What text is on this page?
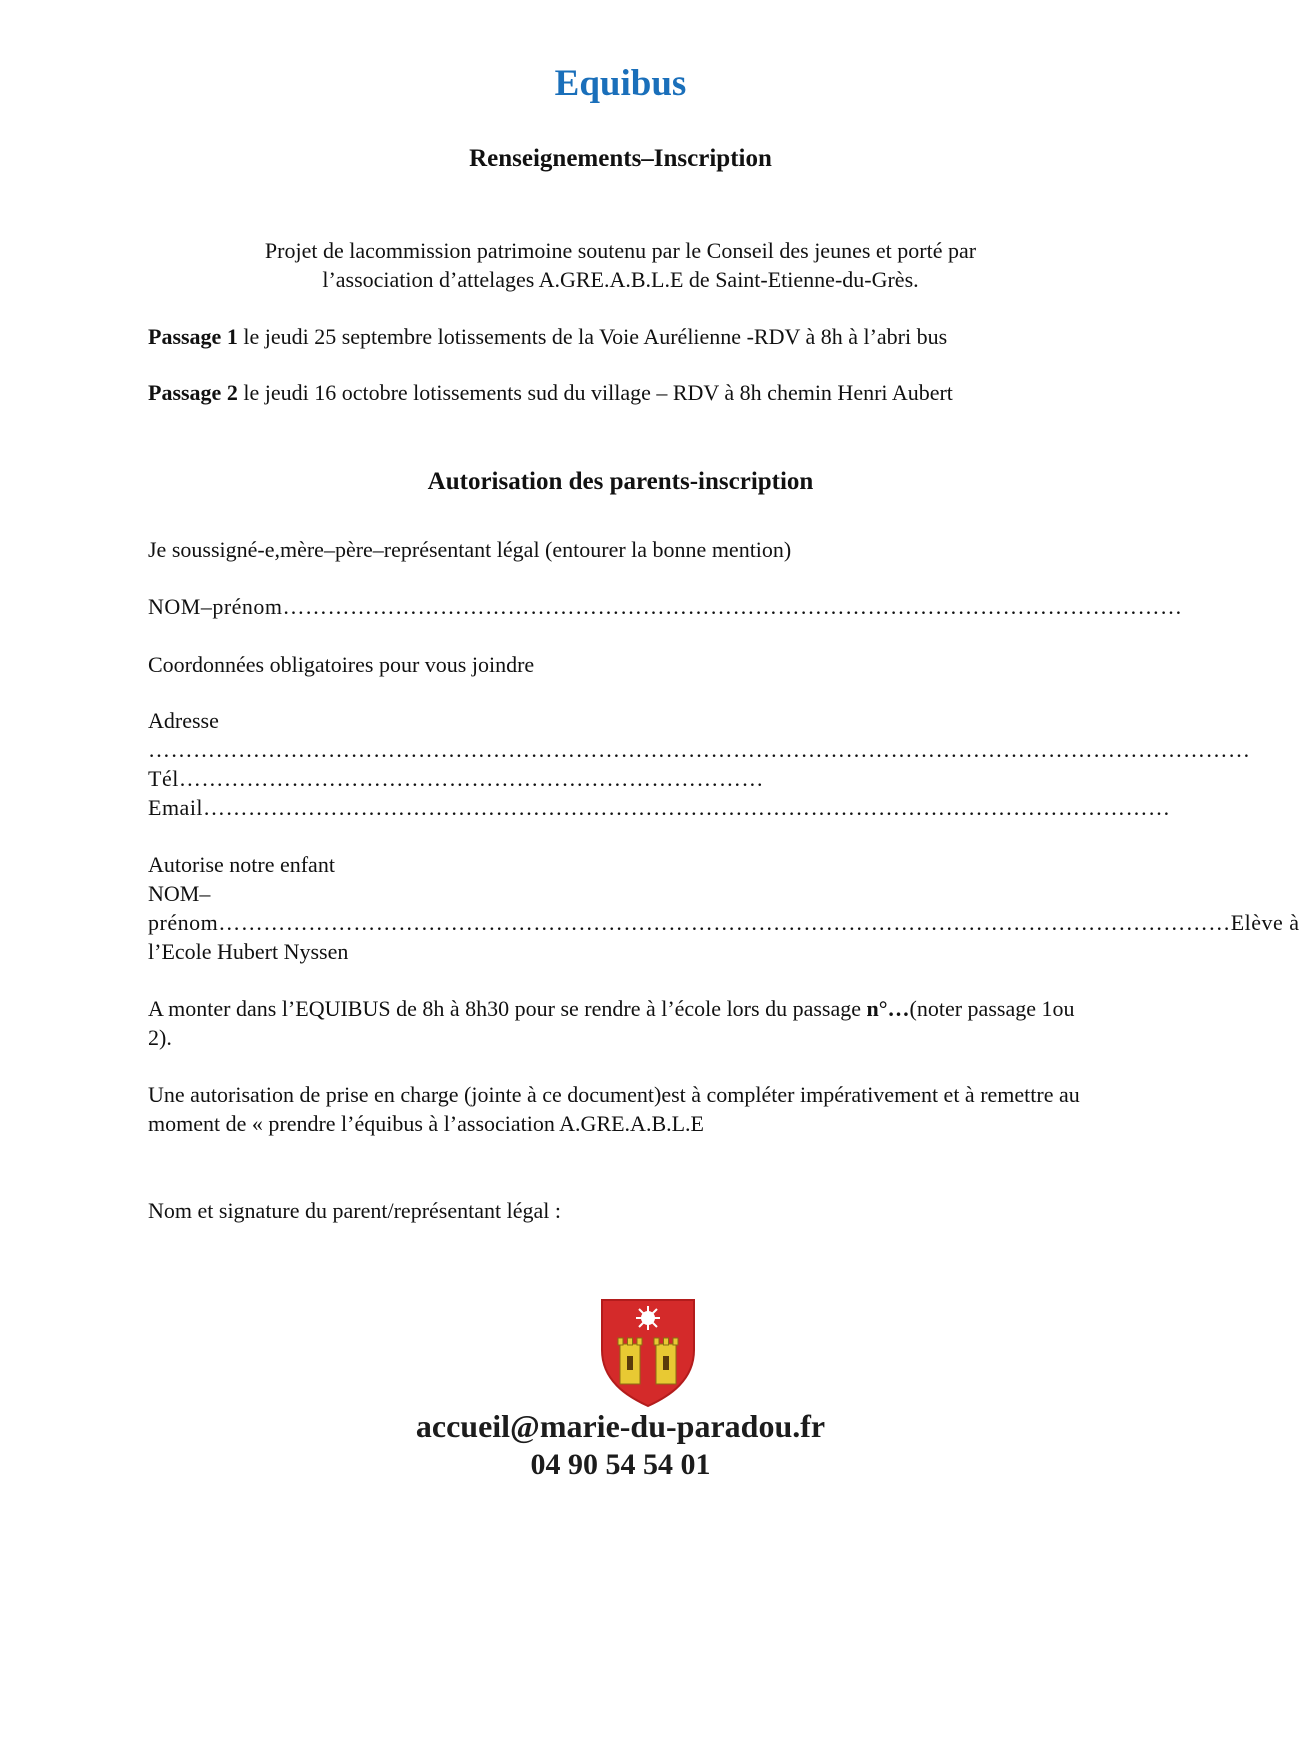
Equibus
Renseignements–Inscription
Projet de lacommission patrimoine soutenu par le Conseil des jeunes et porté par
l’association d’attelages A.GRE.A.B.L.E de Saint-Etienne-du-Grès.
Passage 1 le jeudi 25 septembre lotissements de la Voie Aurélienne -RDV à 8h à l’abri bus
Passage 2 le jeudi 16 octobre lotissements sud du village – RDV à 8h chemin Henri Aubert
Autorisation des parents-inscription
Je soussigné-e,mère–père–représentant légal (entourer la bonne mention)
NOM–prénom…………………………………………………………………………………………………………
Coordonnées obligatoires pour vous joindre
Adresse
…………………………………………………………………………………………………………………………………
Tél……………………………………………………………………
Email…………………………………………………………………………………………………………………
Autorise notre enfant
NOM–
prénom………………………………………………………………………………………………………………………Elève à
l’Ecole Hubert Nyssen
A monter dans l’EQUIBUS de 8h à 8h30 pour se rendre à l’école lors du passage n°…(noter passage 1ou 2).
Une autorisation de prise en charge (jointe à ce document)est à compléter impérativement et à remettre au moment de « prendre l’équibus à l’association A.GRE.A.B.L.E
Nom et signature du parent/représentant légal :
accueil@marie-du-paradou.fr
04 90 54 54 01
